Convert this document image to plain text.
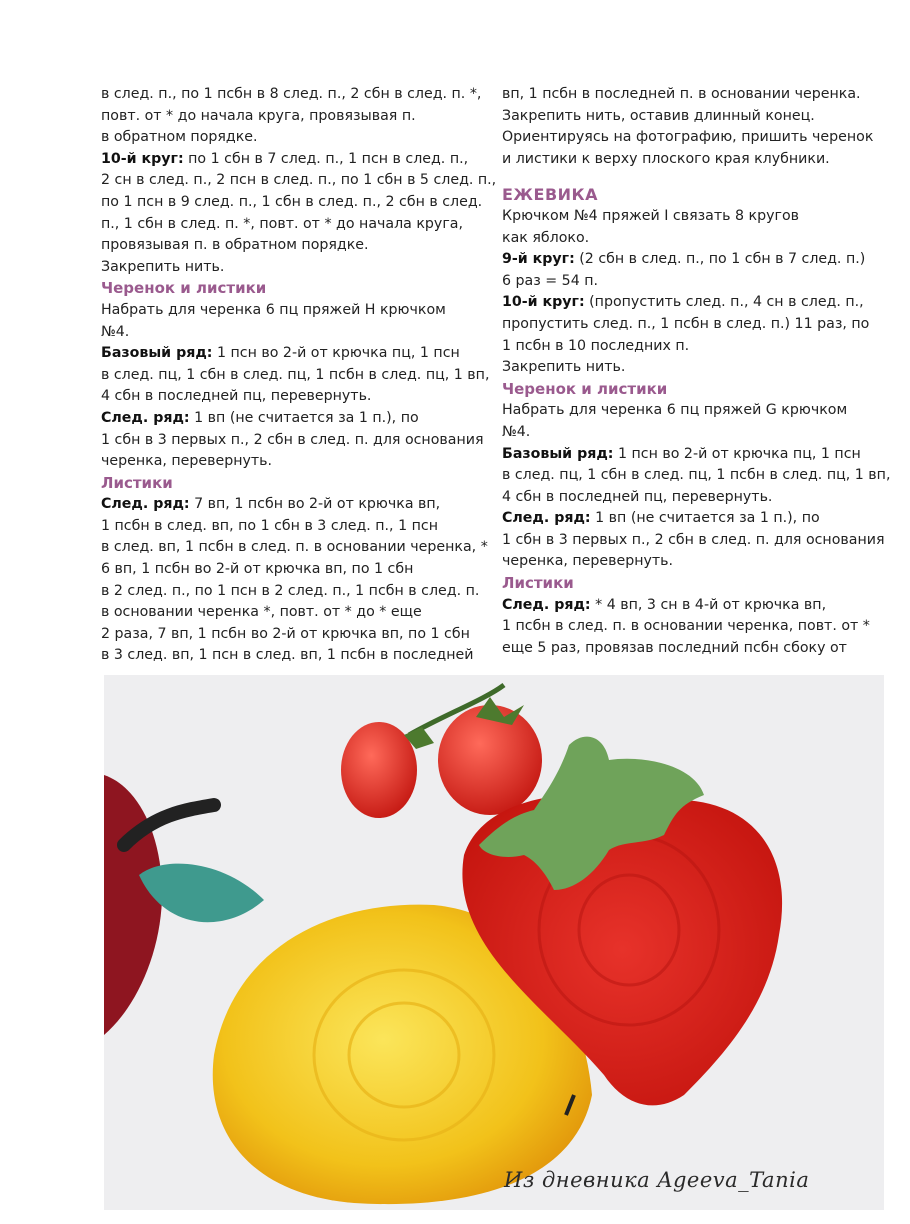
в след. п., по 1 псбн в 8 след. п., 2 сбн в след. п. *,

повт. от * до начала круга, провязывая п.

в обратном порядке.

10-й круг: по 1 сбн в 7 след. п., 1 псн в след. п.,

2 сн в след. п., 2 псн в след. п., по 1 сбн в 5 след. п.,

по 1 псн в 9 след. п., 1 сбн в след. п., 2 сбн в след.

п., 1 сбн в след. п. *, повт. от * до начала круга,

провязывая п. в обратном порядке.

Закрепить нить.

Черенок и листики

Набрать для черенка 6 пц пряжей H крючком

№4.

Базовый ряд: 1 псн во 2-й от крючка пц, 1 псн

в след. пц, 1 сбн в след. пц, 1 псбн в след. пц, 1 вп,

4 сбн в последней пц, перевернуть.

След. ряд: 1 вп (не считается за 1 п.), по

1 сбн в 3 первых п., 2 сбн в след. п. для основания

черенка, перевернуть.

Листики

След. ряд: 7 вп, 1 псбн во 2-й от крючка вп,

1 псбн в след. вп, по 1 сбн в 3 след. п., 1 псн

в след. вп, 1 псбн в след. п. в основании черенка, *

6 вп, 1 псбн во 2-й от крючка вп, по 1 сбн

в 2 след. п., по 1 псн в 2 след. п., 1 псбн в след. п.

в основании черенка *, повт. от * до * еще

2 раза, 7 вп, 1 псбн во 2-й от крючка вп, по 1 сбн

в 3 след. вп, 1 псн в след. вп, 1 псбн в последней

вп, 1 псбн в последней п. в основании черенка.

Закрепить нить, оставив длинный конец.

Ориентируясь на фотографию, пришить черенок

и листики к верху плоского края клубники.

ЕЖЕВИКА

Крючком №4 пряжей I связать 8 кругов

как яблоко.

9-й круг: (2 сбн в след. п., по 1 сбн в 7 след. п.)

6 раз = 54 п.

10-й круг: (пропустить след. п., 4 сн в след. п.,

пропустить след. п., 1 псбн в след. п.) 11 раз, по

1 псбн в 10 последних п.

Закрепить нить.

Черенок и листики

Набрать для черенка 6 пц пряжей G крючком

№4.

Базовый ряд: 1 псн во 2-й от крючка пц, 1 псн

в след. пц, 1 сбн в след. пц, 1 псбн в след. пц, 1 вп,

4 сбн в последней пц, перевернуть.

След. ряд: 1 вп (не считается за 1 п.), по

1 сбн в 3 первых п., 2 сбн в след. п. для основания

черенка, перевернуть.

Листики

След. ряд: * 4 вп, 3 сн в 4-й от крючка вп,

1 псбн в след. п. в основании черенка, повт. от *

еще 5 раз, провязав последний псбн сбоку от

Из дневника Ageeva_Tania
